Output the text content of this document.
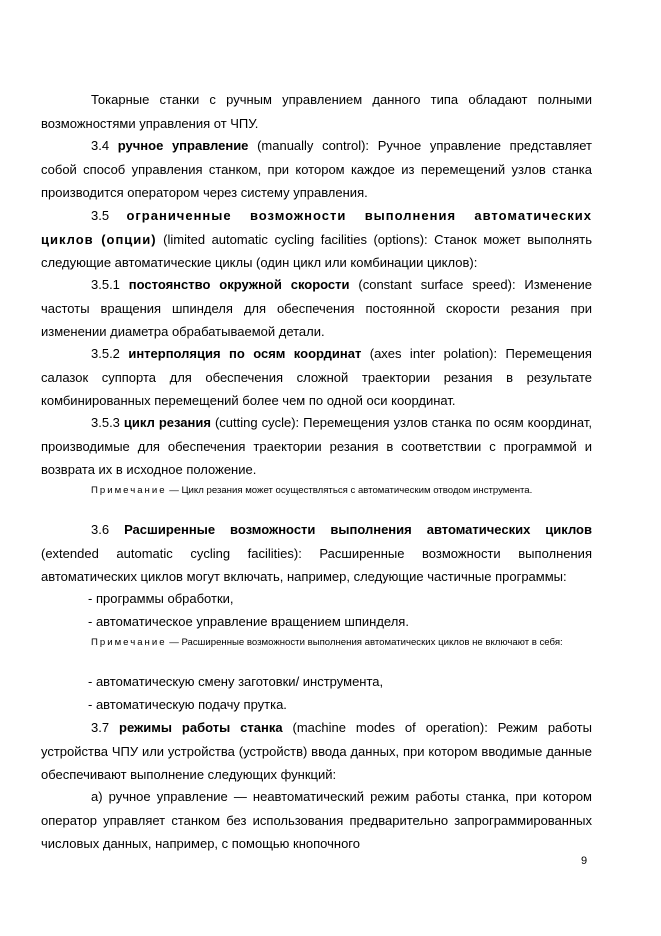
Токарные станки с ручным управлением данного типа обладают полными возможностями управления от ЧПУ.

3.4 ручное управление (manually control): Ручное управление представляет собой способ управления станком, при котором каждое из перемещений узлов станка производится оператором через систему управления.

3.5 ограниченные возможности выполнения автоматических циклов (опции) (limited automatic cycling facilities (options): Станок может выполнять следующие автоматические циклы (один цикл или комбинации циклов):

3.5.1 постоянство окружной скорости (constant surface speed): Изменение частоты вращения шпинделя для обеспечения постоянной скорости резания при изменении диаметра обрабатываемой детали.

3.5.2 интерполяция по осям координат (axes inter polation): Перемещения салазок суппорта для обеспечения сложной траектории резания в результате комбинированных перемещений более чем по одной оси координат.

3.5.3 цикл резания (cutting cycle): Перемещения узлов станка по осям координат, производимые для обеспечения траектории резания в соответствии с программой и возврата их в исходное положение.

Примечание — Цикл резания может осуществляться с автоматическим отводом инструмента.

3.6 Расширенные возможности выполнения автоматических циклов (extended automatic cycling facilities): Расширенные возможности выполнения автоматических циклов могут включать, например, следующие частичные программы:

- программы обработки,

- автоматическое управление вращением шпинделя.

Примечание — Расширенные возможности выполнения автоматических циклов не включают в себя:

- автоматическую смену заготовки/ инструмента,

- автоматическую подачу прутка.

3.7 режимы работы станка (machine modes of operation): Режим работы устройства ЧПУ или устройства (устройств) ввода данных, при котором вводимые данные обеспечивают выполнение следующих функций:

а) ручное управление — неавтоматический режим работы станка, при котором оператор управляет станком без использования предварительно запрограммированных числовых данных, например, с помощью кнопочного

9
